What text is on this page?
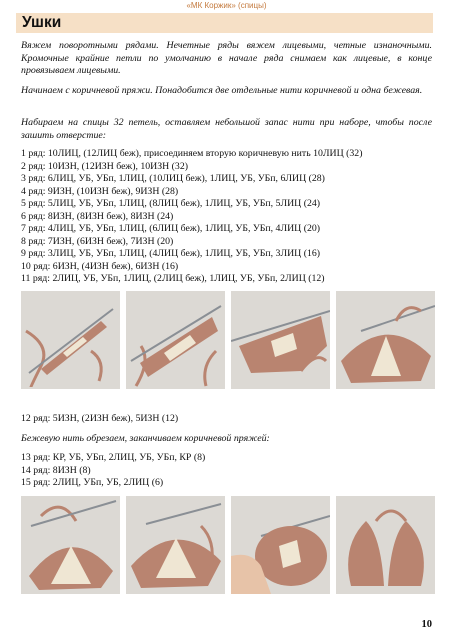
«МК Коржик» (спицы)
Ушки

Вяжем поворотными рядами. Нечетные ряды вяжем лицевыми, четные изнаночными. Кромочные крайние петли по умолчанию в начале ряда снимаем как лицевые, в конце провязываем лицевыми.

Начинаем с коричневой пряжи. Понадобится две отдельные нити коричневой и одна бежевая.

Набираем на спицы 32 петель, оставляем небольшой запас нити при наборе, чтобы после зашить отверстие:

1 ряд: 10ЛИЦ, (12ЛИЦ беж), присоединяем вторую коричневую нить 10ЛИЦ (32)
2 ряд: 10ИЗН, (12ИЗН беж), 10ИЗН (32)
3 ряд: 6ЛИЦ, УБ, УБп, 1ЛИЦ, (10ЛИЦ беж), 1ЛИЦ, УБ, УБп, 6ЛИЦ (28)
4 ряд: 9ИЗН, (10ИЗН беж), 9ИЗН (28)
5 ряд: 5ЛИЦ, УБ, УБп, 1ЛИЦ, (8ЛИЦ беж), 1ЛИЦ, УБ, УБп, 5ЛИЦ (24)
6 ряд: 8ИЗН, (8ИЗН беж), 8ИЗН (24)
7 ряд: 4ЛИЦ, УБ, УБп, 1ЛИЦ, (6ЛИЦ беж), 1ЛИЦ, УБ, УБп, 4ЛИЦ (20)
8 ряд: 7ИЗН, (6ИЗН беж), 7ИЗН (20)
9 ряд: 3ЛИЦ, УБ, УБп, 1ЛИЦ, (4ЛИЦ беж), 1ЛИЦ, УБ, УБп, 3ЛИЦ (16)
10 ряд: 6ИЗН, (4ИЗН беж), 6ИЗН (16)
11 ряд: 2ЛИЦ, УБ, УБп, 1ЛИЦ, (2ЛИЦ беж), 1ЛИЦ, УБ, УБп, 2ЛИЦ (12)
12 ряд: 5ИЗН, (2ИЗН беж), 5ИЗН (12)

Бежевую нить обрезаем, заканчиваем коричневой пряжей:

13 ряд: КР, УБ, УБп, 2ЛИЦ, УБ, УБп, КР (8)
14 ряд: 8ИЗН (8)
15 ряд: 2ЛИЦ, УБп, УБ, 2ЛИЦ (6)
10
